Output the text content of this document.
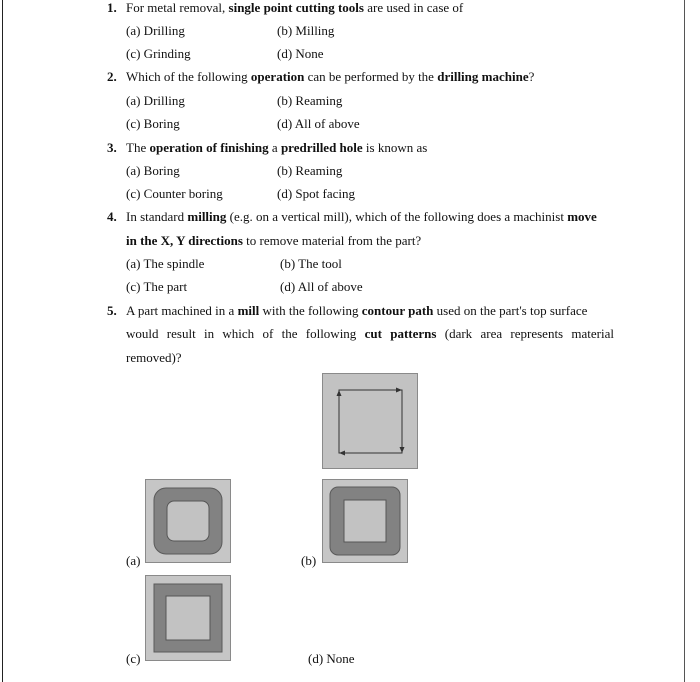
1. For metal removal, single point cutting tools are used in case of
(a) Drilling	(b) Milling
(c) Grinding	(d) None
2. Which of the following operation can be performed by the drilling machine?
(a) Drilling	(b) Reaming
(c) Boring	(d) All of above
3. The operation of finishing a predrilled hole is known as
(a) Boring	(b) Reaming
(c) Counter boring	(d) Spot facing
4. In standard milling (e.g. on a vertical mill), which of the following does a machinist move
in the X, Y directions to remove material from the part?
(a) The spindle	(b) The tool
(c) The part	(d) All of above
5. A part machined in a mill with the following contour path used on the part's top surface
would result in which of the following cut patterns (dark area represents material
removed)?
(a)	(b)
(c)	(d) None
